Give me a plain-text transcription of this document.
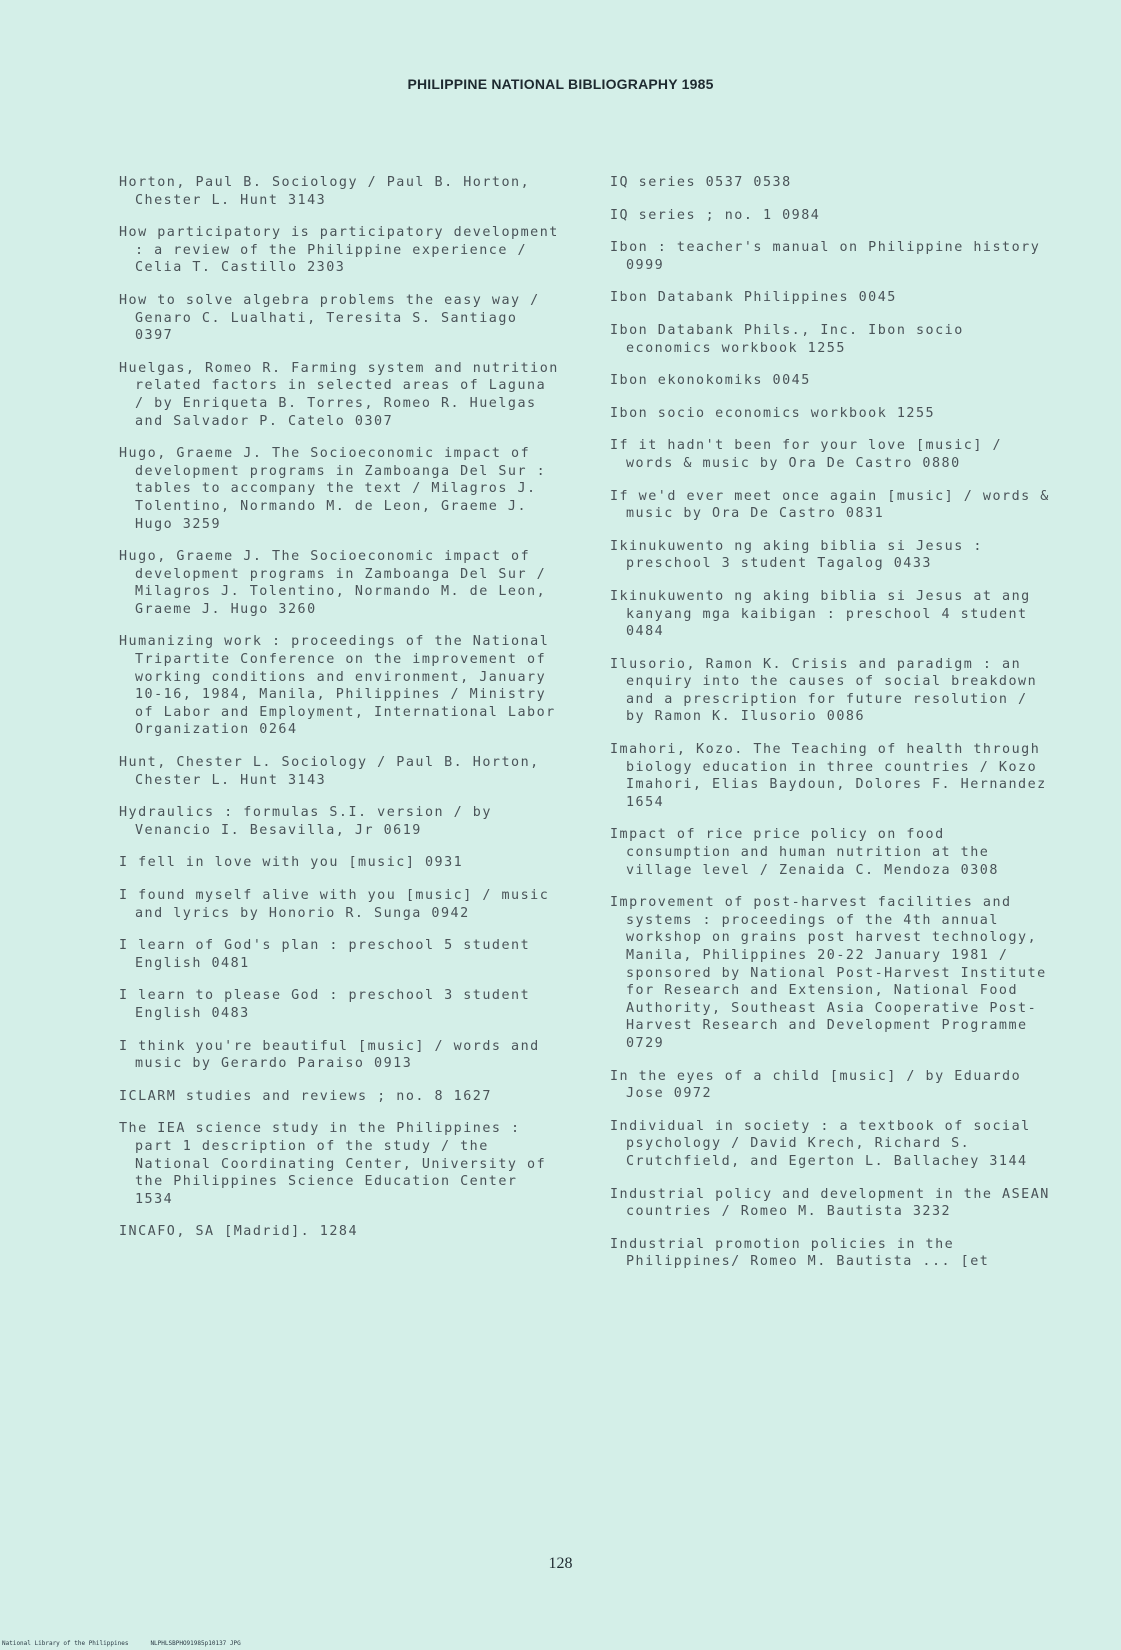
PHILIPPINE NATIONAL BIBLIOGRAPHY 1985

Horton, Paul B. Sociology / Paul B. Horton, Chester L. Hunt 3143

How participatory is participatory development : a review of the Philippine experience / Celia T. Castillo 2303

How to solve algebra problems the easy way / Genaro C. Lualhati, Teresita S. Santiago 0397

Huelgas, Romeo R. Farming system and nutrition related factors in selected areas of Laguna / by Enriqueta B. Torres, Romeo R. Huelgas and Salvador P. Catelo 0307

Hugo, Graeme J. The Socioeconomic impact of development programs in Zamboanga Del Sur : tables to accompany the text / Milagros J. Tolentino, Normando M. de Leon, Graeme J. Hugo 3259

Hugo, Graeme J. The Socioeconomic impact of development programs in Zamboanga Del Sur / Milagros J. Tolentino, Normando M. de Leon, Graeme J. Hugo 3260

Humanizing work : proceedings of the National Tripartite Conference on the improvement of working conditions and environment, January 10-16, 1984, Manila, Philippines / Ministry of Labor and Employment, International Labor Organization 0264

Hunt, Chester L. Sociology / Paul B. Horton, Chester L. Hunt 3143

Hydraulics : formulas S.I. version / by Venancio I. Besavilla, Jr 0619

I fell in love with you [music] 0931

I found myself alive with you [music] / music and lyrics by Honorio R. Sunga 0942

I learn of God's plan : preschool 5 student English 0481

I learn to please God : preschool 3 student English 0483

I think you're beautiful [music] / words and music by Gerardo Paraiso 0913

ICLARM studies and reviews ; no. 8 1627

The IEA science study in the Philippines : part 1 description of the study / the National Coordinating Center, University of the Philippines Science Education Center 1534

INCAFO, SA [Madrid]. 1284

IQ series 0537 0538

IQ series ; no. 1 0984

Ibon : teacher's manual on Philippine history 0999

Ibon Databank Philippines 0045

Ibon Databank Phils., Inc. Ibon socio economics workbook 1255

Ibon ekonokomiks 0045

Ibon socio economics workbook 1255

If it hadn't been for your love [music] / words & music by Ora De Castro 0880

If we'd ever meet once again [music] / words & music by Ora De Castro 0831

Ikinukuwento ng aking biblia si Jesus : preschool 3 student Tagalog 0433

Ikinukuwento ng aking biblia si Jesus at ang kanyang mga kaibigan : preschool 4 student 0484

Ilusorio, Ramon K. Crisis and paradigm : an enquiry into the causes of social breakdown and a prescription for future resolution / by Ramon K. Ilusorio 0086

Imahori, Kozo. The Teaching of health through biology education in three countries / Kozo Imahori, Elias Baydoun, Dolores F. Hernandez 1654

Impact of rice price policy on food consumption and human nutrition at the village level / Zenaida C. Mendoza 0308

Improvement of post-harvest facilities and systems : proceedings of the 4th annual workshop on grains post harvest technology, Manila, Philippines 20-22 January 1981 / sponsored by National Post-Harvest Institute for Research and Extension, National Food Authority, Southeast Asia Cooperative Post-Harvest Research and Development Programme 0729

In the eyes of a child [music] / by Eduardo Jose 0972

Individual in society : a textbook of social psychology / David Krech, Richard S. Crutchfield, and Egerton L. Ballachey 3144

Industrial policy and development in the ASEAN countries / Romeo M. Bautista 3232

Industrial promotion policies in the Philippines/ Romeo M. Bautista ... [et

128
National Library of the Philippines	NLPHLSBPHO91985p10137 JPG
